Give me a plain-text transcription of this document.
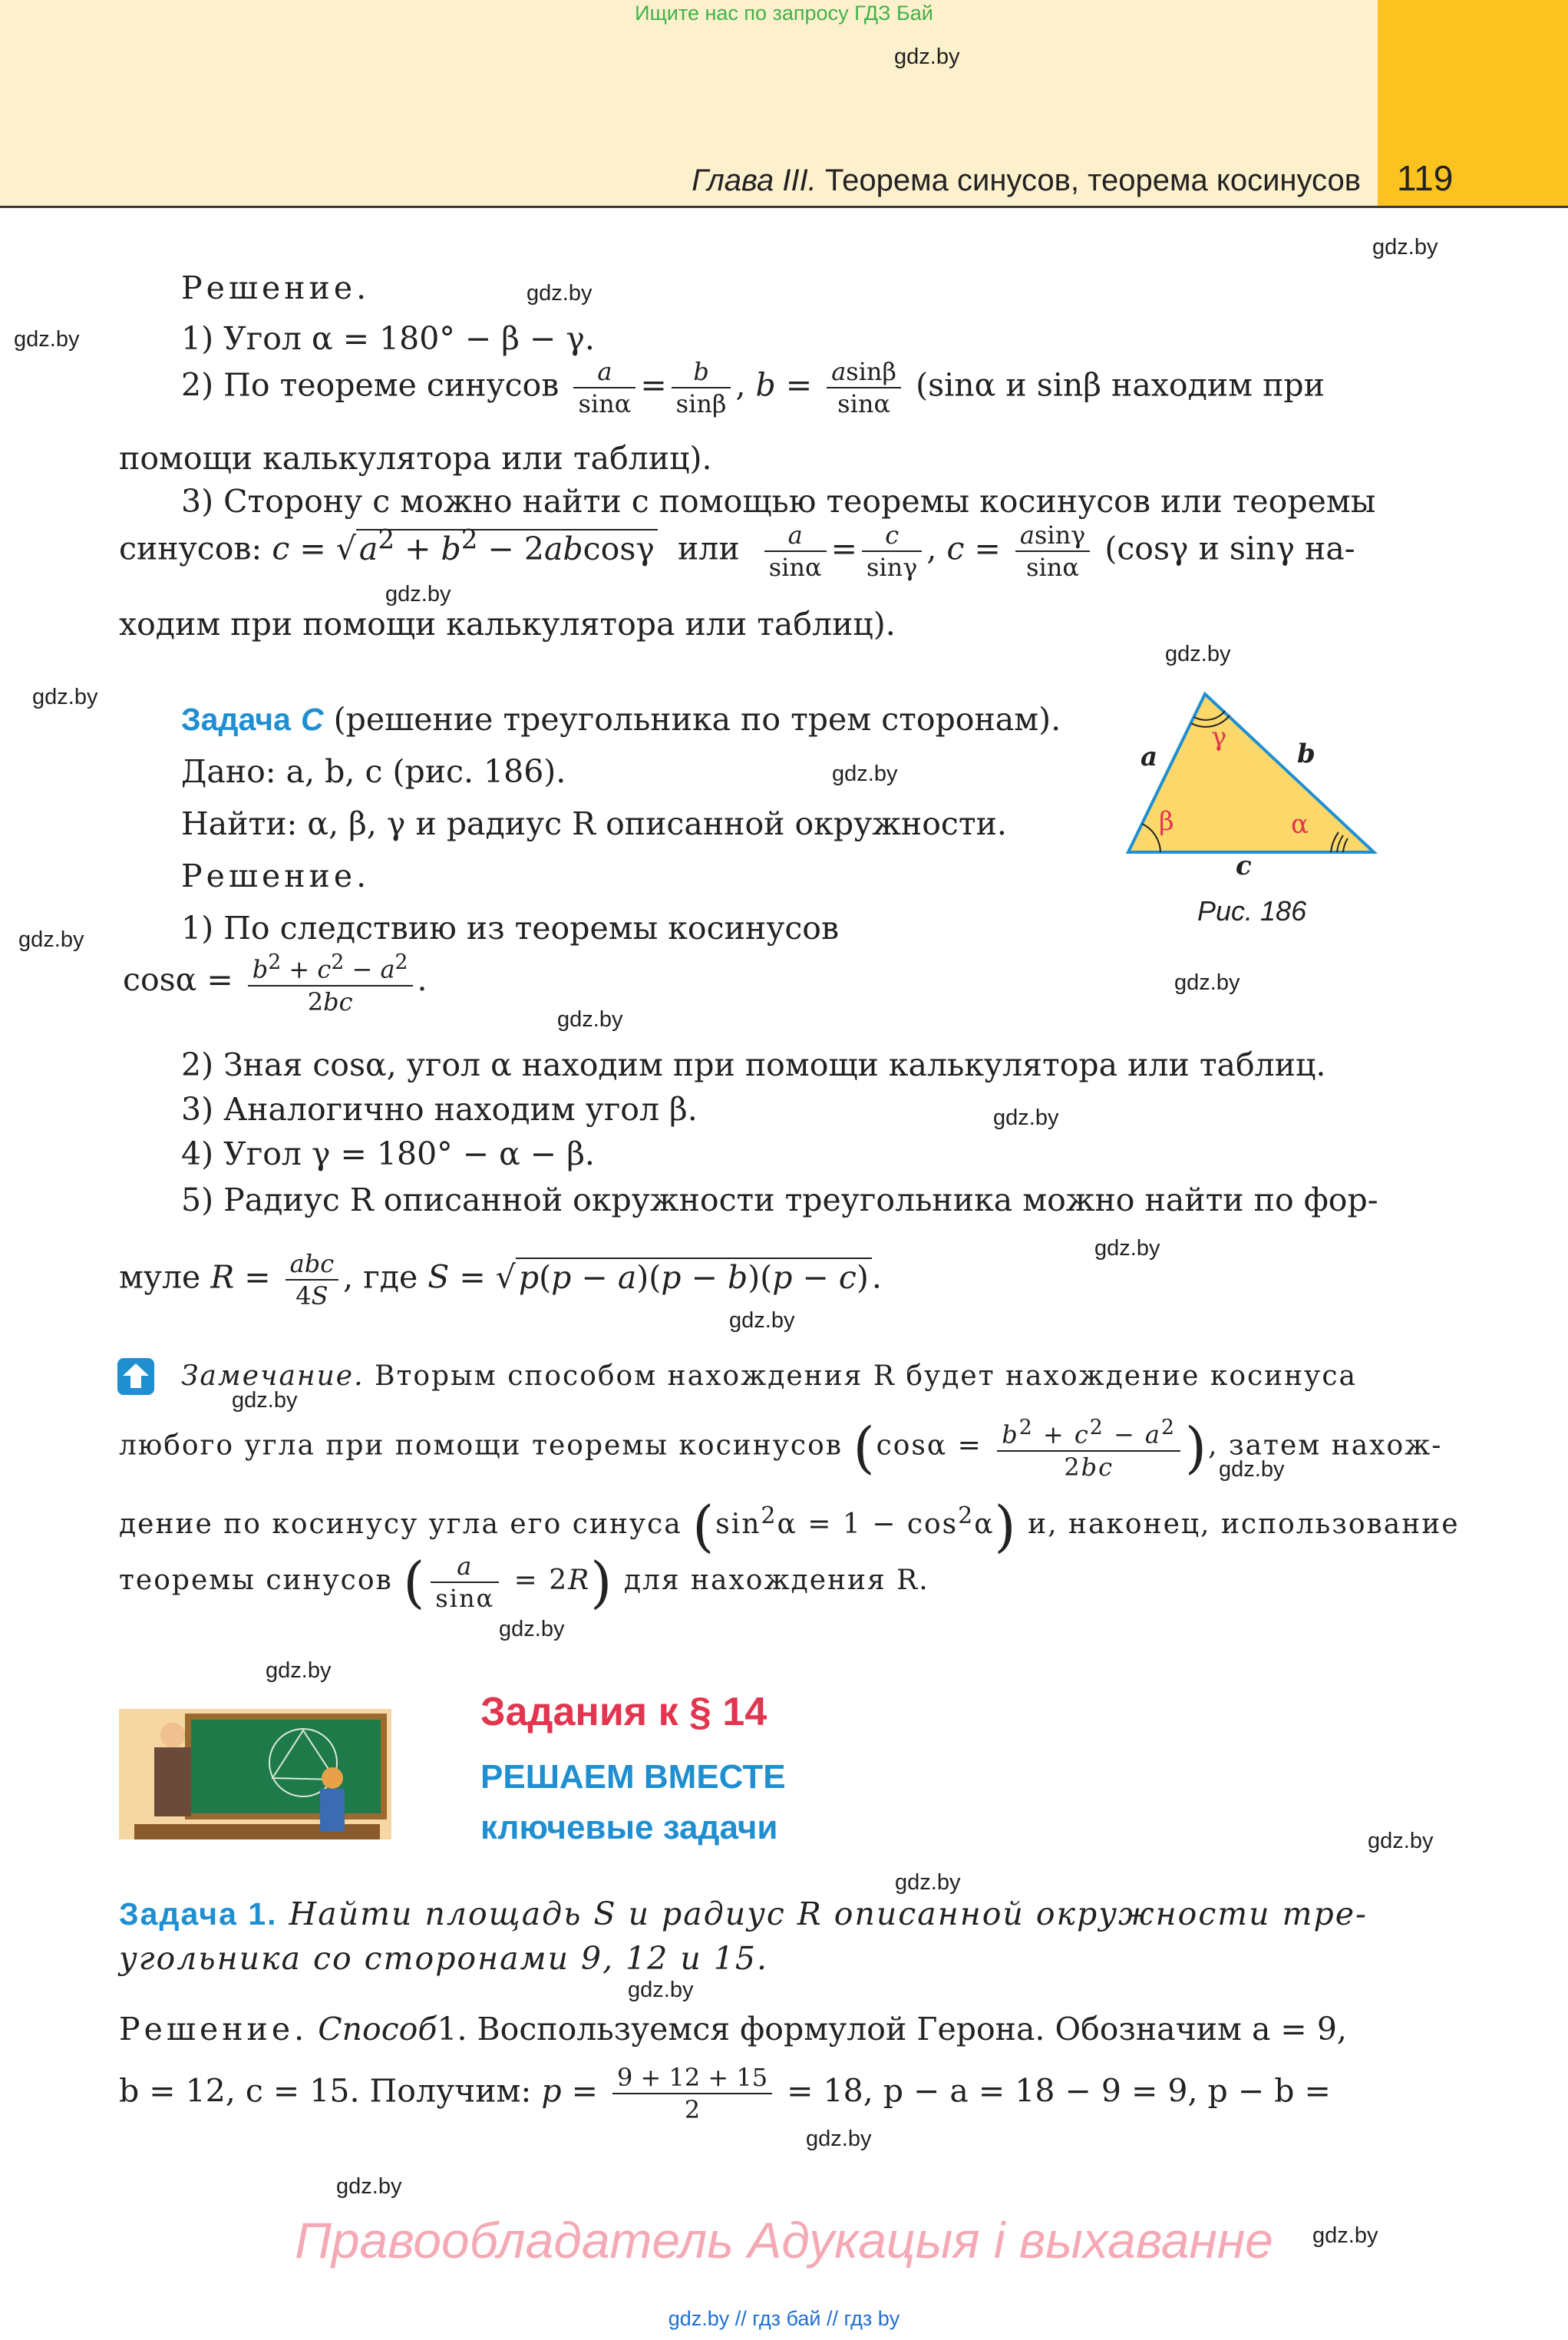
Ищите нас по запросу ГДЗ Бай
Глава III. Теорема синусов, теорема косинусов 119
gdz.by
gdz.by
gdz.by
gdz.by
gdz.by
gdz.by
gdz.by
gdz.by
gdz.by
gdz.by
gdz.by
gdz.by
gdz.by
gdz.by
gdz.by
gdz.by
gdz.by
gdz.by
gdz.by
gdz.by
gdz.by
gdz.by
gdz.by
gdz.by
Решение.
1) Угол α = 180° − β − γ.
2) По теореме синусов $\frac{a}{\sin\alpha} = \frac{b}{\sin\beta}$ , $b = \frac{asin\beta}{\sin\alpha} (\sin\alpha$ и sinβ находим при
помощи калькулятора или таблиц).
3) Сторону c можно найти с помощью теоремы косинусов или теоремы
синусов: $c = √a^2 + b^2 - 2abcos\gamma$ или $\frac{a}{\sin\alpha} = \frac{c}{\sin\gamma}$ , $c = \frac{asin\gamma}{\sin\alpha} (\cos\gamma$ и sinγ на-
ходим при помощи калькулятора или таблиц).
Задача C (решение треугольника по трем сторонам).
Дано: a, b, c (рис. 186).
Найти: α, β, γ и радиус R описанной окружности.
Решение.
1) По следствию из теоремы косинусов
$\cos\alpha = \frac{b^2 + c^2 - a^2}{2bc}$ .
2) Зная cosα, угол α находим при помощи калькулятора или таблиц.
3) Аналогично находим угол β.
4) Угол γ = 180° − α − β.
5) Радиус R описанной окружности треугольника можно найти по фор-
муле $R = \frac{\text{abc}}{4S}$ , где S = √p(p − a)(p − b)(p − c).
a	b
c
β	α
γ
Рис. 186
Замечание. Вторым способом нахождения R будет нахождение косинуса
любого угла при помощи теоремы косинусов ($\cos\alpha = \frac{b^2 + c^2 - a^2}{2bc}$ ), затем нахож-
дение по косинусу угла его синуса $(\sin^2\alpha = 1 - \cos^2\alpha)$ и, наконец, использование
теоремы синусов ( $\frac{a}{\sin\alpha} = 2R$) для нахождения R.
Задания к § 14
РЕШАЕМ ВМЕСТЕ
ключевые задачи
Задача 1. Найти площадь S и радиус R описанной окружности тре-
угольника со сторонами 9, 12 и 15.
Решение. Способ1. Воспользуемся формулой Герона. Обозначим a = 9,
b = 12, c = 15. Получим: $p = \frac{9 + 12 + 15}{2} = 18$, p − a = 18 − 9 = 9, p − b =
Правообладатель Адукацыя і выхаванне
gdz.by // гдз бай // гдз by
